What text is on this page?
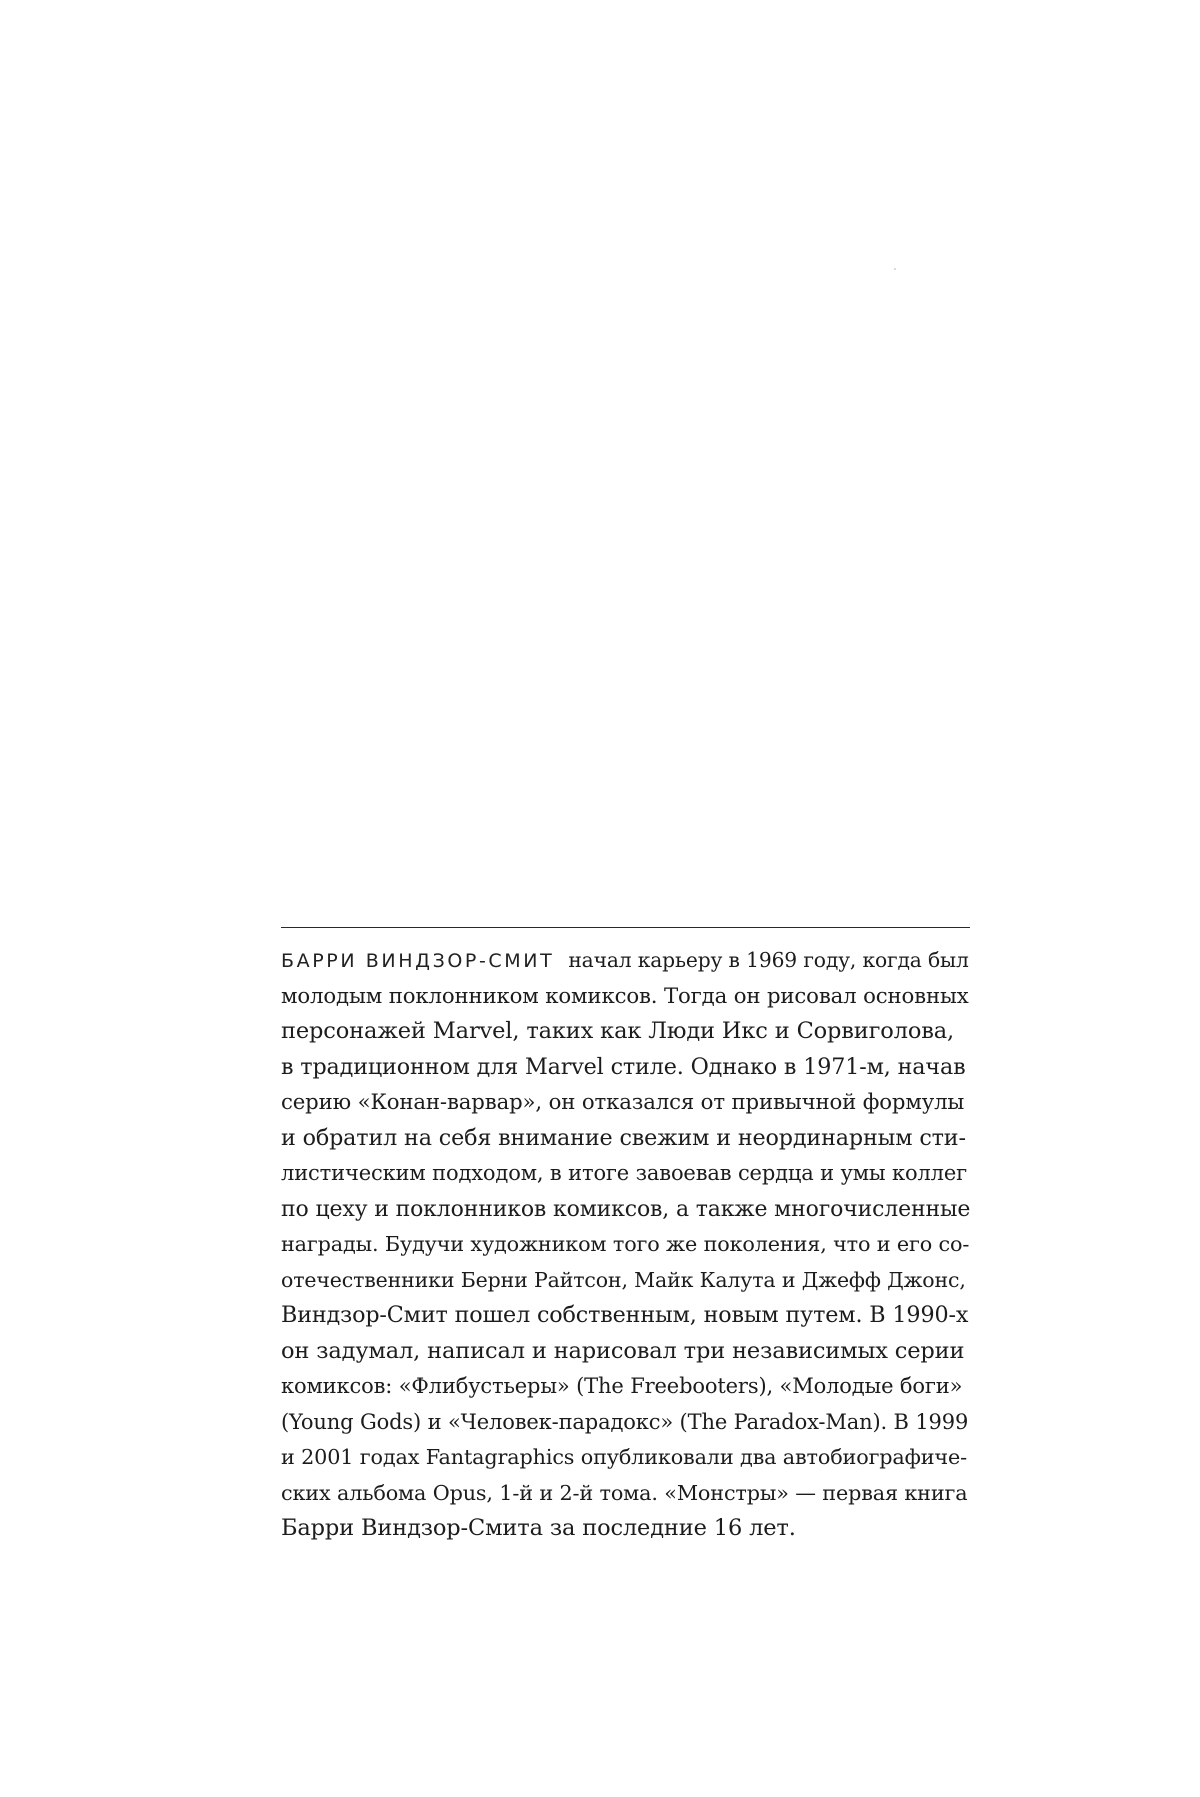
БАРРИ ВИНДЗОР-СМИТ начал карьеру в 1969 году, когда был
молодым поклонником комиксов. Тогда он рисовал основных
персонажей Marvel, таких как Люди Икс и Сорвиголова,
в традиционном для Marvel стиле. Однако в 1971-м, начав
серию «Конан-варвар», он отказался от привычной формулы
и обратил на себя внимание свежим и неординарным сти-
листическим подходом, в итоге завоевав сердца и умы коллег
по цеху и поклонников комиксов, а также многочисленные
награды. Будучи художником того же поколения, что и его со-
отечественники Берни Райтсон, Майк Калута и Джефф Джонс,
Виндзор-Смит пошел собственным, новым путем. В 1990-х
он задумал, написал и нарисовал три независимых серии
комиксов: «Флибустьеры» (The Freebooters), «Молодые боги»
(Young Gods) и «Человек-парадокс» (The Paradox-Man). В 1999
и 2001 годах Fantagraphics опубликовали два автобиографиче-
ских альбома Opus, 1-й и 2-й тома. «Монстры» — первая книга
Барри Виндзор-Смита за последние 16 лет.
